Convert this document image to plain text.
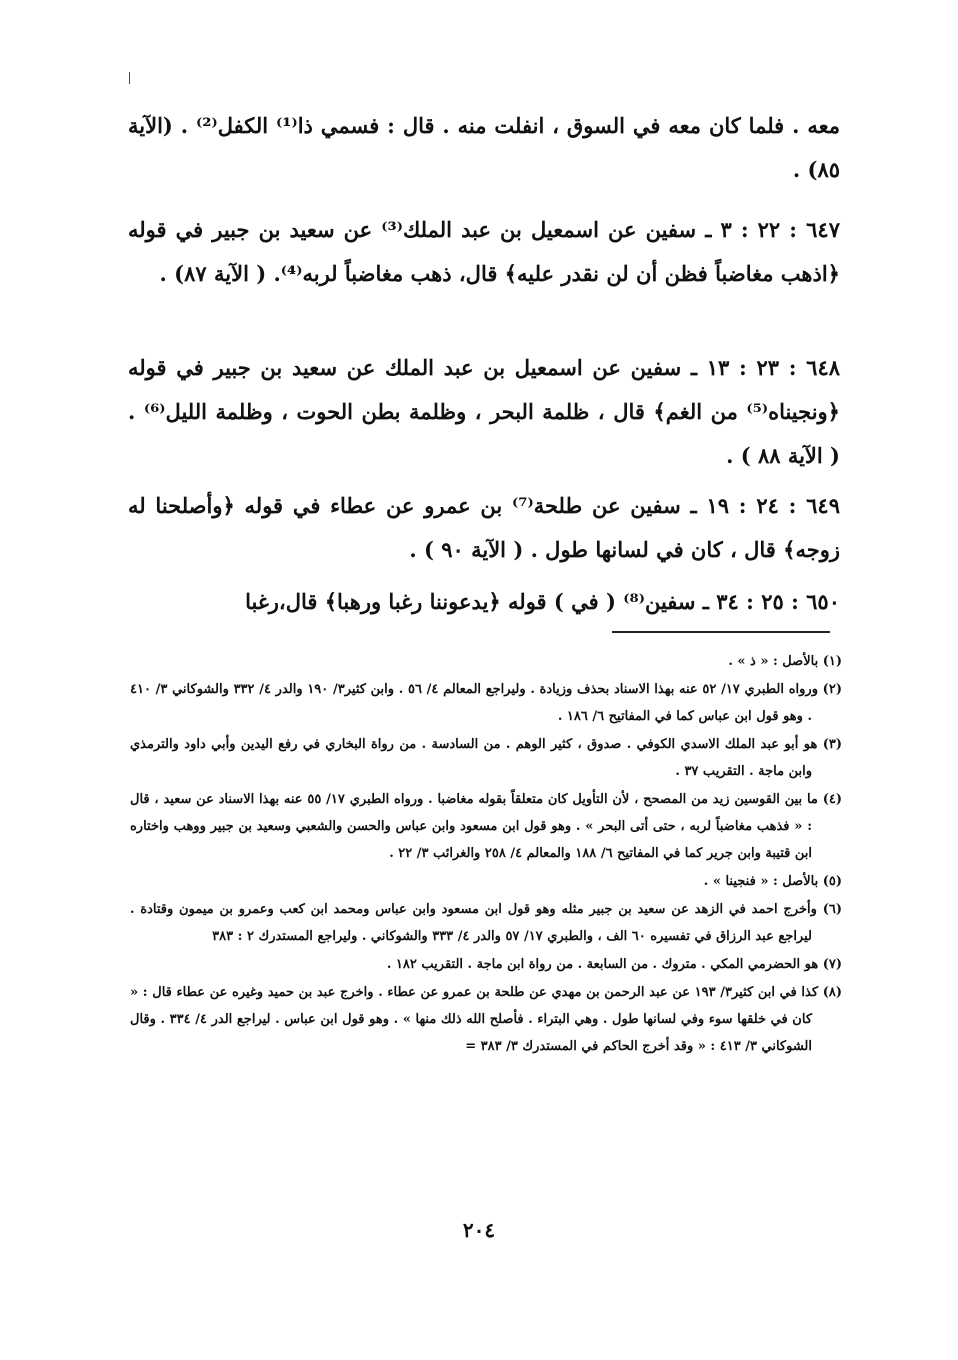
معه . فلما كان معه في السوق ، انفلت منه . قال : فسمي ذا⁽¹⁾ الكفل⁽²⁾ . (الآية ٨٥) .
٦٤٧ : ٢٢ : ٣ ـ سفين عن اسمعيل بن عبد الملك⁽³⁾ عن سعيد بن جبير في قوله ﴿اذهب مغاضباً فظن أن لن نقدر عليه﴾ قال، ذهب مغاضباً لربه⁽⁴⁾. ( الآية ٨٧) .
٦٤٨ : ٢٣ : ١٣ ـ سفين عن اسمعيل بن عبد الملك عن سعيد بن جبير في قوله ﴿ونجيناه⁽⁵⁾ من الغم﴾ قال ، ظلمة البحر ، وظلمة بطن الحوت ، وظلمة الليل⁽⁶⁾ . ( الآية ٨٨ ) .
٦٤٩ : ٢٤ : ١٩ ـ سفين عن طلحة⁽⁷⁾ بن عمرو عن عطاء في قوله ﴿وأصلحنا له زوجه﴾ قال ، كان في لسانها طول . ( الآية ٩٠ ) .
٦٥٠ : ٢٥ : ٣٤ ـ سفين⁽⁸⁾ ( في ) قوله ﴿يدعوننا رغبا ورهبا﴾ قال،رغبا
(١) بالأصل : « ذ » .
(٢) ورواه الطبري ١٧/ ٥٢ عنه بهذا الاسناد بحذف وزيادة . وليراجع المعالم ٤/ ٥٦ . وابن كثير٣/ ١٩٠ والدر ٤/ ٣٣٢ والشوكاني ٣/ ٤١٠ . وهو قول ابن عباس كما في المفاتيح ٦/ ١٨٦ .
(٣) هو أبو عبد الملك الاسدي الكوفي . صدوق ، كثير الوهم . من السادسة . من رواة البخاري في رفع اليدين وأبي داود والترمذي وابن ماجة . التقريب ٣٧ .
(٤) ما بين القوسين زيد من المصحح ، لأن التأويل كان متعلقاً بقوله مغاضبا . ورواه الطبري ١٧/ ٥٥ عنه بهذا الاسناد عن سعيد ، قال : « فذهب مغاضباً لربه ، حتى أتى البحر » . وهو قول ابن مسعود وابن عباس والحسن والشعبي وسعيد بن جبير ووهب واختاره ابن قتيبة وابن جرير كما في المفاتيح ٦/ ١٨٨ والمعالم ٤/ ٢٥٨ والغرائب ٣/ ٢٢ .
(٥) بالأصل : « فنجينا » .
(٦) وأخرج احمد في الزهد عن سعيد بن جبير مثله وهو قول ابن مسعود وابن عباس ومحمد ابن كعب وعمرو بن ميمون وقتادة . ليراجع عبد الرزاق في تفسيره ٦٠ الف ، والطبري ١٧/ ٥٧ والدر ٤/ ٣٣٣ والشوكاني . وليراجع المستدرك ٢ : ٣٨٣
(٧) هو الحضرمي المكي . متروك . من السابعة . من رواة ابن ماجة . التقريب ١٨٢ .
(٨) كذا في ابن كثير٣/ ١٩٣ عن عبد الرحمن بن مهدي عن طلحة بن عمرو عن عطاء . واخرج عبد بن حميد وغيره عن عطاء قال : « كان في خلقها سوء وفي لسانها طول . وهي البتراء . فأصلح الله ذلك منها » . وهو قول ابن عباس . ليراجع الدر ٤/ ٣٣٤ . وقال الشوكاني ٣/ ٤١٣ : « وقد أخرج الحاكم في المستدرك ٣/ ٣٨٣ =
٢٠٤
